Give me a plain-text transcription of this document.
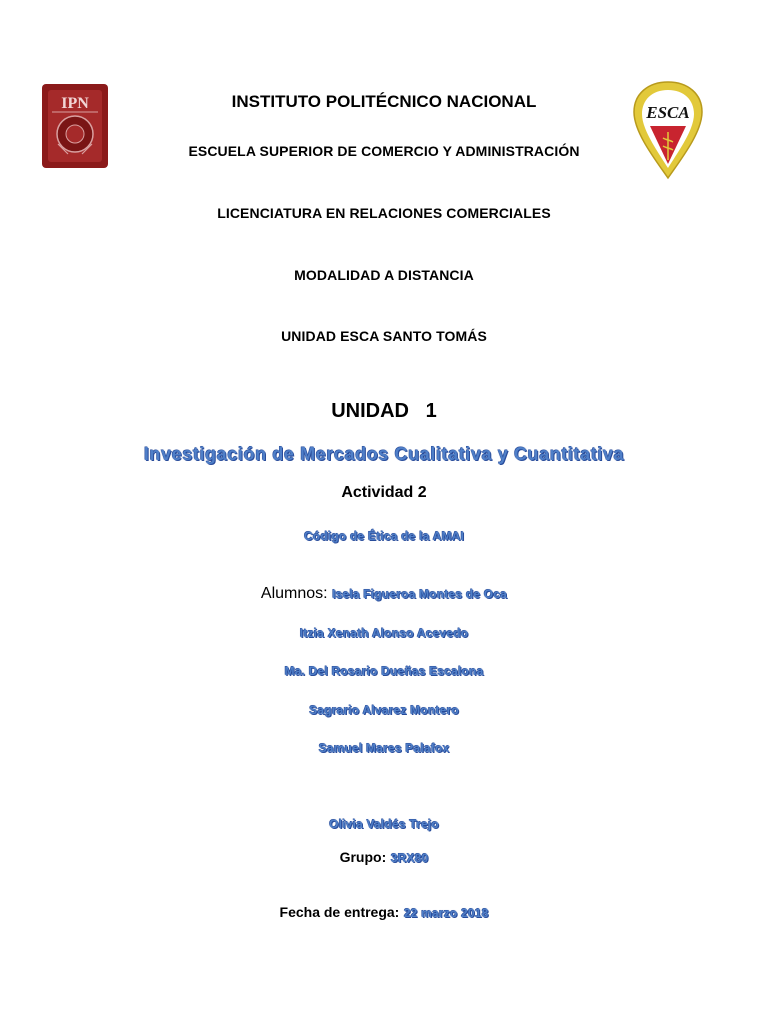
IPN	ESCA
INSTITUTO POLITÉCNICO NACIONAL
ESCUELA SUPERIOR DE COMERCIO Y ADMINISTRACIÓN
LICENCIATURA EN RELACIONES COMERCIALES
MODALIDAD A DISTANCIA
UNIDAD ESCA SANTO TOMÁS
UNIDAD   1
Investigación de Mercados Cualitativa y Cuantitativa
Actividad 2
Código de Ética de la AMAI
Alumnos: Isela Figueroa Montes de Oca
Itzia Xenath Alonso Acevedo
Ma. Del Rosario Dueñas Escalona
Sagrario Alvarez Montero
Samuel Mares Palafox
Olivia Valdés Trejo
Grupo: 3RX80
Fecha de entrega: 22 marzo 2018
